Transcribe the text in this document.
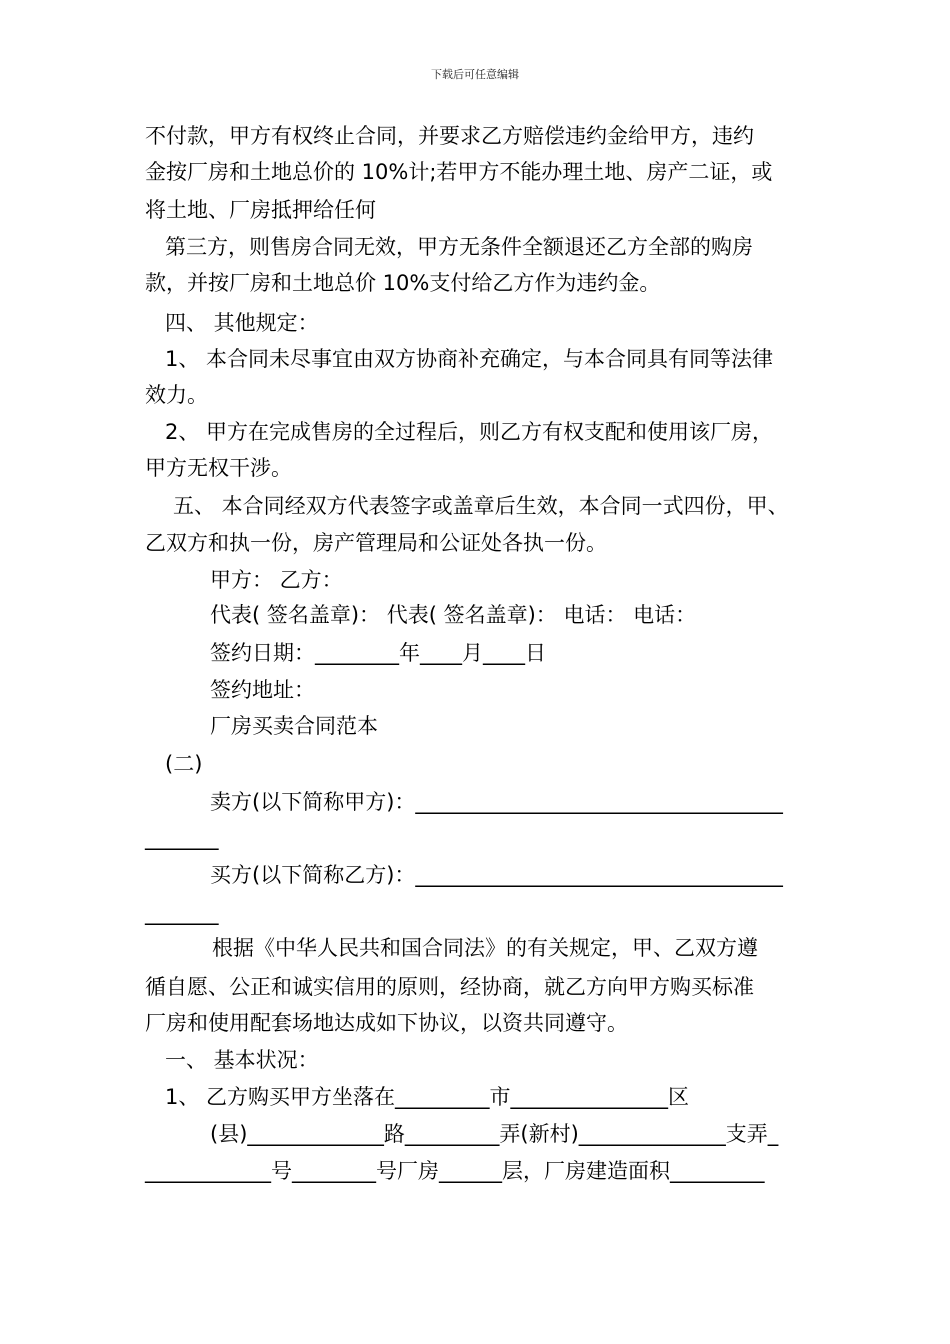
下载后可任意编辑
不付款，甲方有权终止合同，并要求乙方赔偿违约金给甲方，违约
金按厂房和土地总价的 10%计;若甲方不能办理土地、房产二证，或
将土地、厂房抵押给任何
第三方，则售房合同无效，甲方无条件全额退还乙方全部的购房
款，并按厂房和土地总价 10%支付给乙方作为违约金。
四、 其他规定：
1、 本合同未尽事宜由双方协商补充确定，与本合同具有同等法律
效力。
2、 甲方在完成售房的全过程后，则乙方有权支配和使用该厂房，
甲方无权干涉。
五、 本合同经双方代表签字或盖章后生效，本合同一式四份，甲、
乙双方和执一份，房产管理局和公证处各执一份。
甲方： 乙方：
代表( 签名盖章)： 代表( 签名盖章)： 电话： 电话：
签约日期：________年____月____日
签约地址：
厂房买卖合同范本
(二)
卖方(以下简称甲方)：___________________________________
_______
买方(以下简称乙方)：___________________________________
_______
根据《中华人民共和国合同法》的有关规定，甲、乙双方遵
循自愿、公正和诚实信用的原则，经协商，就乙方向甲方购买标准
厂房和使用配套场地达成如下协议，以资共同遵守。
一、 基本状况：
1、 乙方购买甲方坐落在_________市_______________区
(县)_____________路_________弄(新村)______________支弄_
____________号________号厂房______层，厂房建造面积_________
